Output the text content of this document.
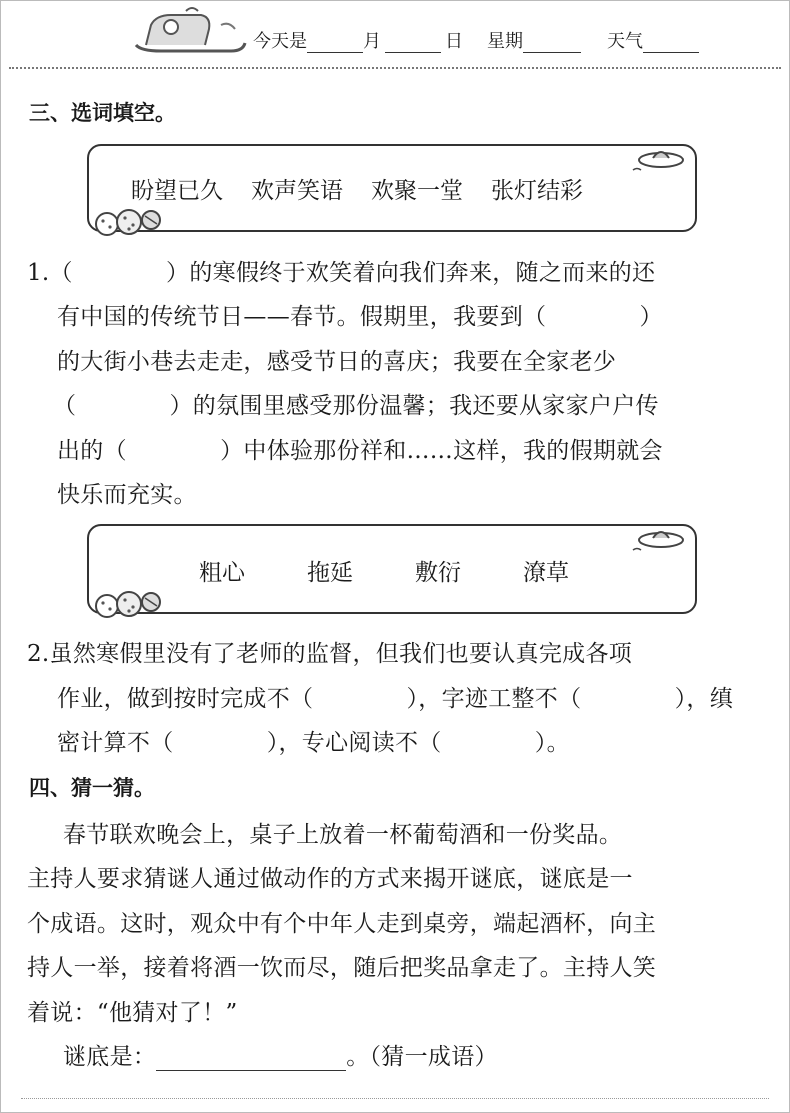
今天是	月	日 星期	天气
三、选词填空。
盼望已久 欢声笑语 欢聚一堂 张灯结彩
1.（　　　　）的寒假终于欢笑着向我们奔来，随之而来的还
有中国的传统节日——春节。假期里，我要到（　　　　）
的大街小巷去走走，感受节日的喜庆；我要在全家老少
（　　　　）的氛围里感受那份温馨；我还要从家家户户传
出的（　　　　）中体验那份祥和……这样，我的假期就会
快乐而充实。
粗心	拖延	敷衍	潦草
2.虽然寒假里没有了老师的监督，但我们也要认真完成各项
作业，做到按时完成不（　　　　），字迹工整不（　　　　），缜
密计算不（　　　　），专心阅读不（　　　　）。
四、猜一猜。
春节联欢晚会上，桌子上放着一杯葡萄酒和一份奖品。
主持人要求猜谜人通过做动作的方式来揭开谜底，谜底是一
个成语。这时，观众中有个中年人走到桌旁，端起酒杯，向主
持人一举，接着将酒一饮而尽，随后把奖品拿走了。主持人笑
着说：“他猜对了！”
谜底是：	。（猜一成语）
